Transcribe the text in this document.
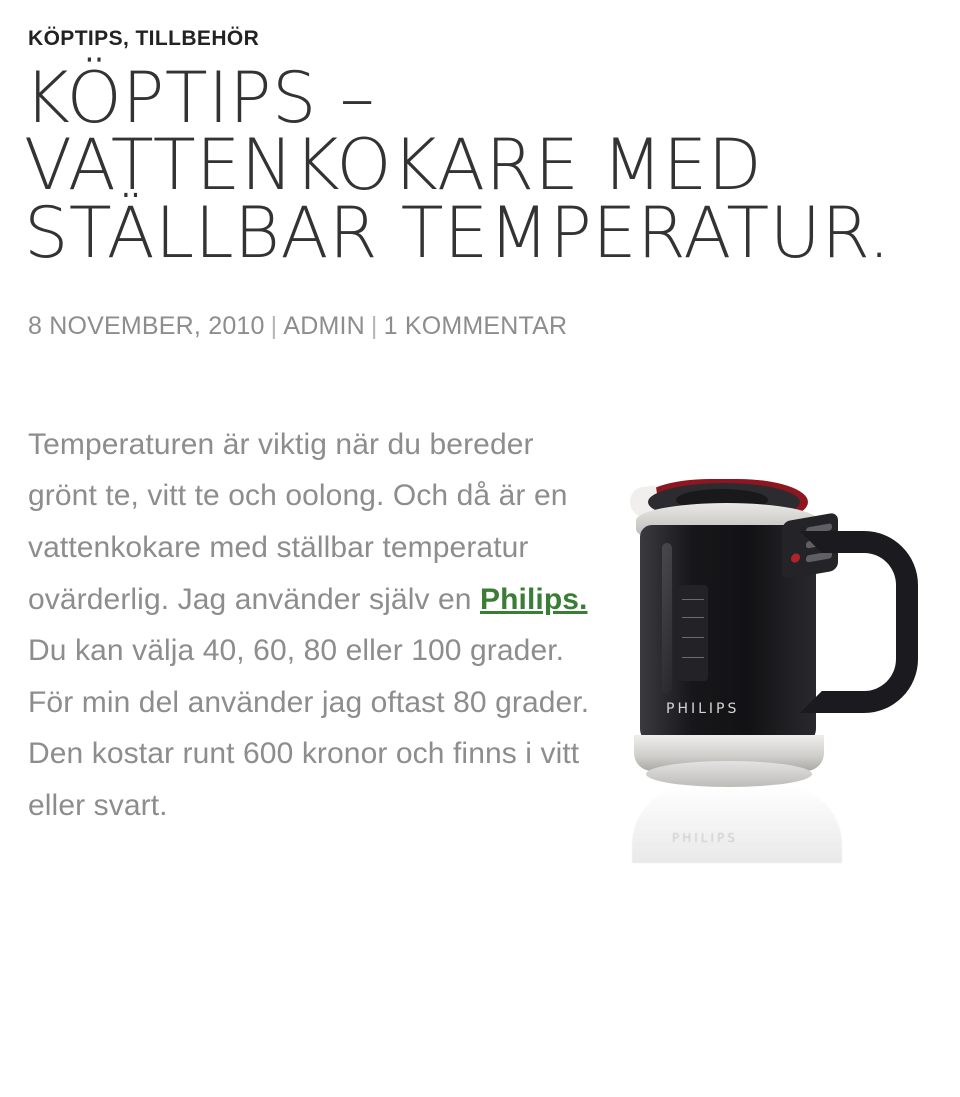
KÖPTIPS, TILLBEHÖR
KÖPTIPS – VATTENKOKARE MED STÄLLBAR TEMPERATUR.
8 NOVEMBER, 2010 | ADMIN | 1 KOMMENTAR
PHILIPS
PHILIPS

Temperaturen är viktig när du bereder grönt te, vitt te och oolong. Och då är en vattenkokare med ställbar temperatur ovärderlig. Jag använder själv en Philips. Du kan välja 40, 60, 80 eller 100 grader. För min del använder jag oftast 80 grader. Den kostar runt 600 kronor och finns i vitt eller svart.
